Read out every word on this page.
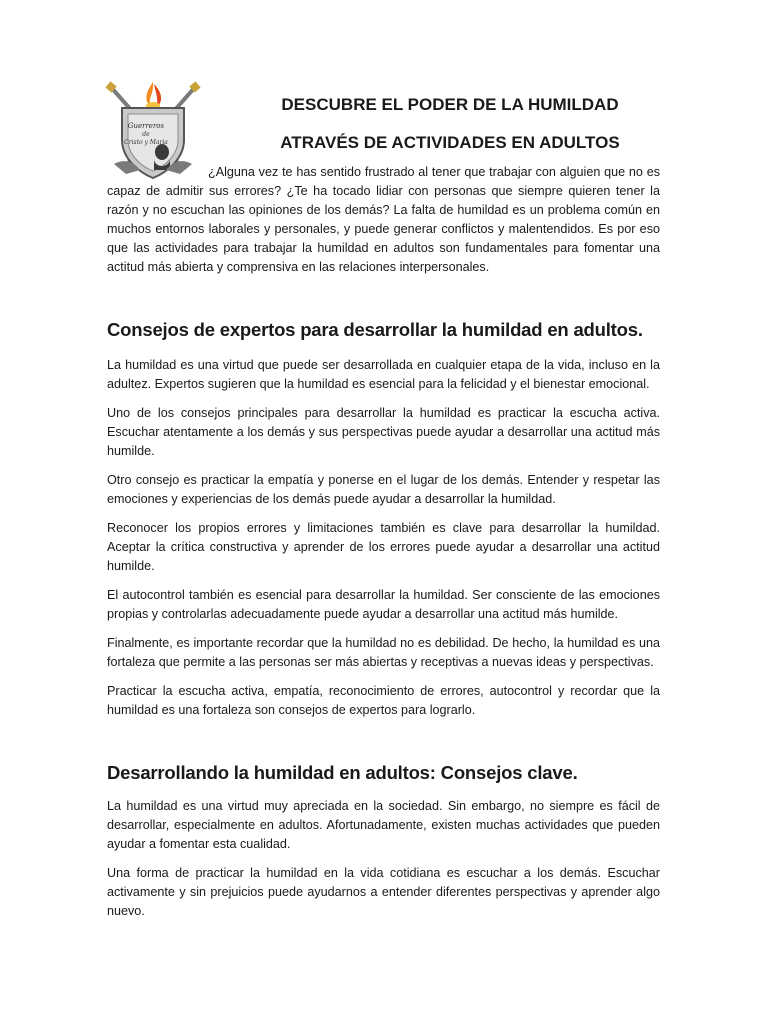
Guerreros
de
Cristo y Maria
DESCUBRE EL PODER DE LA HUMILDAD
ATRAVÉS DE ACTIVIDADES EN ADULTOS

¿Alguna vez te has sentido frustrado al tener que trabajar con alguien que no es capaz de admitir sus errores? ¿Te ha tocado lidiar con personas que siempre quieren tener la razón y no escuchan las opiniones de los demás? La falta de humildad es un problema común en muchos entornos laborales y personales, y puede generar conflictos y malentendidos. Es por eso que las actividades para trabajar la humildad en adultos son fundamentales para fomentar una actitud más abierta y comprensiva en las relaciones interpersonales.

Consejos de expertos para desarrollar la humildad en adultos.

La humildad es una virtud que puede ser desarrollada en cualquier etapa de la vida, incluso en la adultez. Expertos sugieren que la humildad es esencial para la felicidad y el bienestar emocional.

Uno de los consejos principales para desarrollar la humildad es practicar la escucha activa. Escuchar atentamente a los demás y sus perspectivas puede ayudar a desarrollar una actitud más humilde.

Otro consejo es practicar la empatía y ponerse en el lugar de los demás. Entender y respetar las emociones y experiencias de los demás puede ayudar a desarrollar la humildad.

Reconocer los propios errores y limitaciones también es clave para desarrollar la humildad. Aceptar la crítica constructiva y aprender de los errores puede ayudar a desarrollar una actitud humilde.

El autocontrol también es esencial para desarrollar la humildad. Ser consciente de las emociones propias y controlarlas adecuadamente puede ayudar a desarrollar una actitud más humilde.

Finalmente, es importante recordar que la humildad no es debilidad. De hecho, la humildad es una fortaleza que permite a las personas ser más abiertas y receptivas a nuevas ideas y perspectivas.

Practicar la escucha activa, empatía, reconocimiento de errores, autocontrol y recordar que la humildad es una fortaleza son consejos de expertos para lograrlo.

Desarrollando la humildad en adultos: Consejos clave.

La humildad es una virtud muy apreciada en la sociedad. Sin embargo, no siempre es fácil de desarrollar, especialmente en adultos. Afortunadamente, existen muchas actividades que pueden ayudar a fomentar esta cualidad.

Una forma de practicar la humildad en la vida cotidiana es escuchar a los demás. Escuchar activamente y sin prejuicios puede ayudarnos a entender diferentes perspectivas y aprender algo nuevo.
